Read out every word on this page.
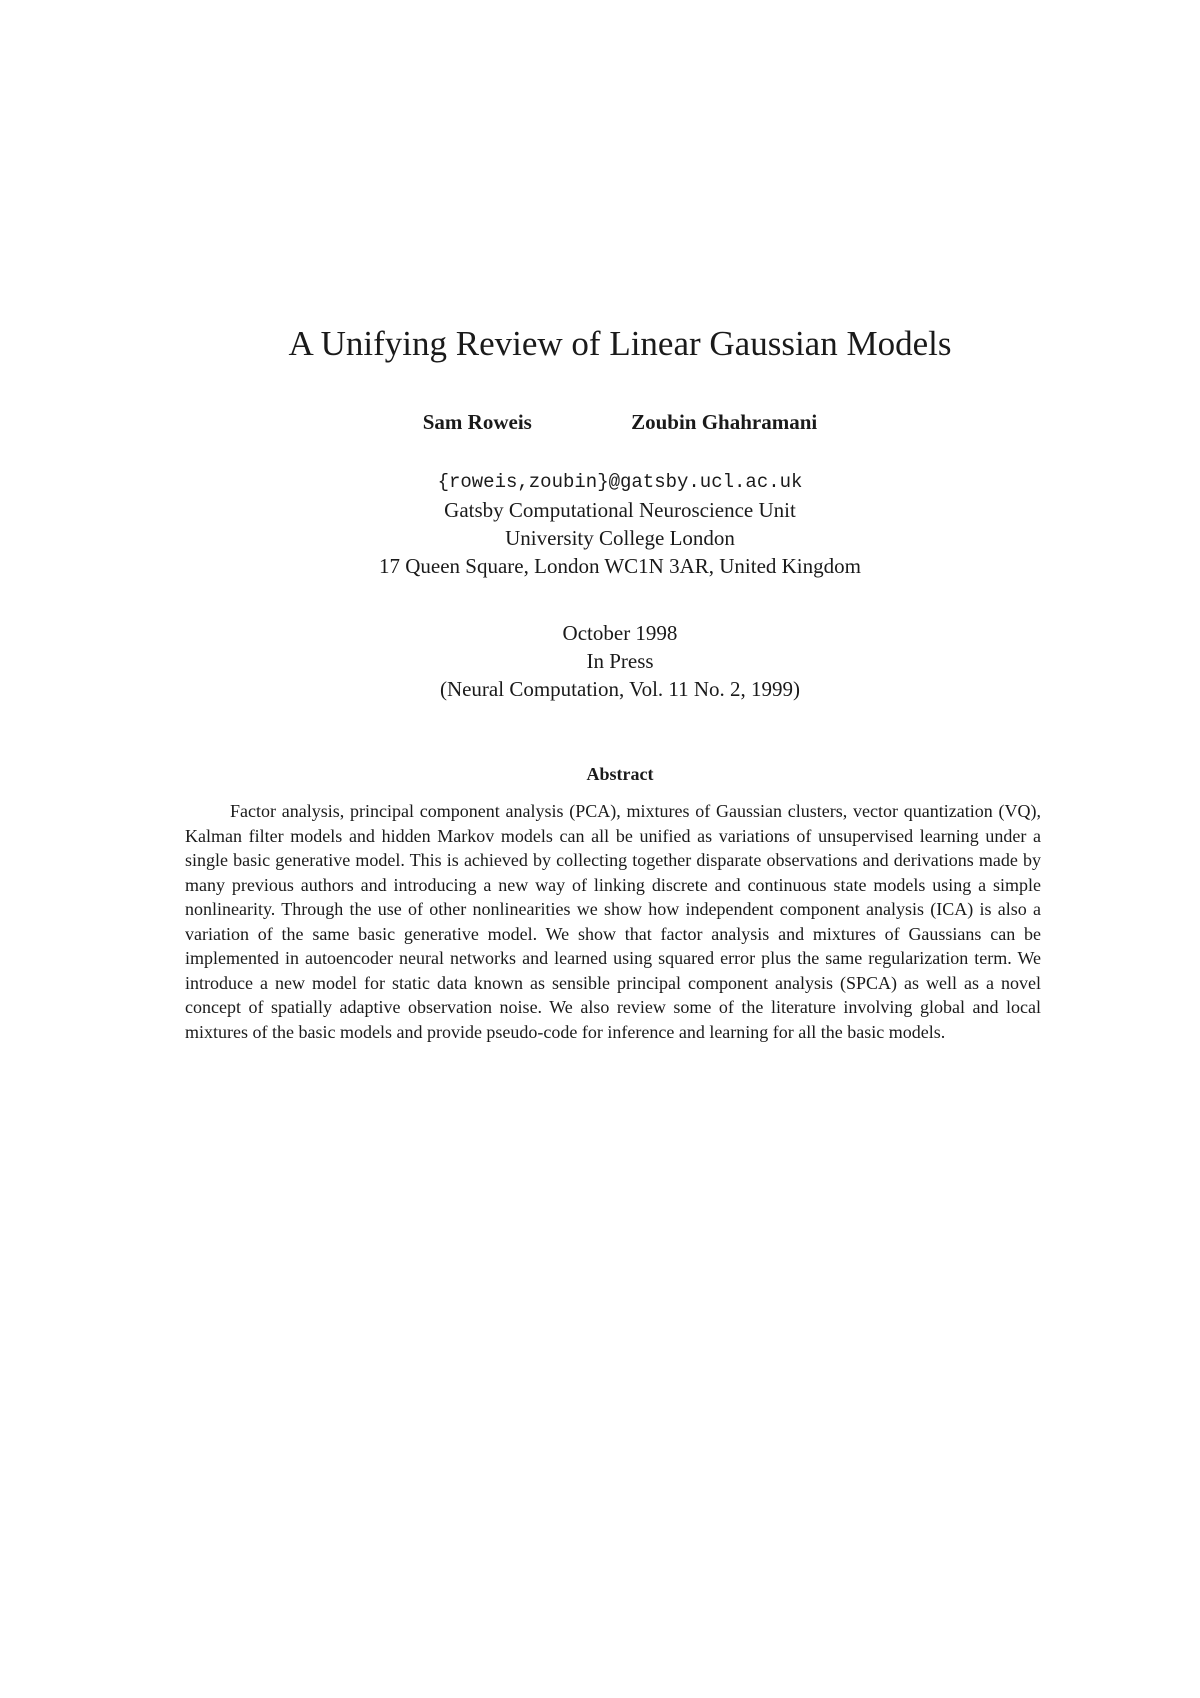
A Unifying Review of Linear Gaussian Models
Sam Roweis	Zoubin Ghahramani
{roweis,zoubin}@gatsby.ucl.ac.uk
Gatsby Computational Neuroscience Unit
University College London
17 Queen Square, London WC1N 3AR, United Kingdom
October 1998
In Press
(Neural Computation, Vol. 11 No. 2, 1999)
Abstract

Factor analysis, principal component analysis (PCA), mixtures of Gaussian clusters, vector quantization (VQ), Kalman filter models and hidden Markov models can all be unified as variations of unsupervised learning under a single basic generative model. This is achieved by collecting together disparate observations and derivations made by many previous authors and introducing a new way of linking discrete and continuous state models using a simple nonlinearity. Through the use of other nonlinearities we show how independent component analysis (ICA) is also a variation of the same basic generative model. We show that factor analysis and mixtures of Gaussians can be implemented in autoencoder neural networks and learned using squared error plus the same regularization term. We introduce a new model for static data known as sensible principal component analysis (SPCA) as well as a novel concept of spatially adaptive observation noise. We also review some of the literature involving global and local mixtures of the basic models and provide pseudo-code for inference and learning for all the basic models.
